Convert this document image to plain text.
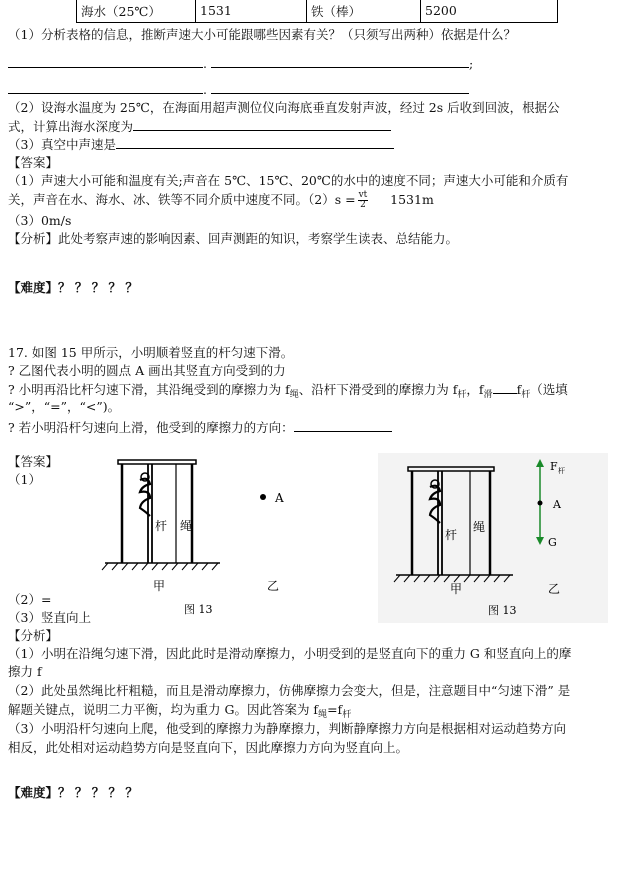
海水（25℃）	1531	铁（棒）	5200
（1）分析表格的信息，推断声速大小可能跟哪些因素有关？（只须写出两种）依据是什么？
.	;
.
（2）设海水温度为 25℃，在海面用超声测位仪向海底垂直发射声波，经过 2s 后收到回波，根据公
式，计算出海水深度为
（3）真空中声速是
【答案】
（1）声速大小可能和温度有关;声音在 5℃、15℃、20℃的水中的速度不同；声速大小可能和介质有
关，声音在水、海水、冰、铁等不同介质中速度不同。$(2)s = \frac{vt}{2} 1531m$
（3）0m/s
【分析】此处考察声速的影响因素、回声测距的知识，考察学生读表、总结能力。
【难度】？ ？ ？ ？ ？
17. 如图 15 甲所示，小明顺着竖直的杆匀速下滑。
? 乙图代表小明的圆点 A 画出其竖直方向受到的力
? 小明再沿比杆匀速下滑，其沿绳受到的摩擦力为 $f_绳$、沿杆下滑受到的摩擦力为 $f_杆$，$f_滑$ $f_杆$（选填
“>”，“=”，“<”)。
? 若小明沿杆匀速向上滑，他受到的摩擦力的方向：
【答案】
（1）
A
杆 绳
甲	乙
图 13
杆
绳
F 杆
A
G
甲	乙
图 13
（2）=
（3）竖直向上
【分析】
（1）小明在沿绳匀速下滑，因此此时是滑动摩擦力，小明受到的是竖直向下的重力 G 和竖直向上的摩
擦力 f
（2）此处虽然绳比杆粗糙，而且是滑动摩擦力，仿佛摩擦力会变大，但是，注意题目中“匀速下滑” 是
解题关键点，说明二力平衡，均为重力 G。因此答案为 $f_绳=f_杆$
（3）小明沿杆匀速向上爬，他受到的摩擦力为静摩擦力，判断静摩擦力方向是根据相对运动趋势方向
相反，此处相对运动趋势方向是竖直向下，因此摩擦力方向为竖直向上。
【难度】？ ？ ？ ？ ？
